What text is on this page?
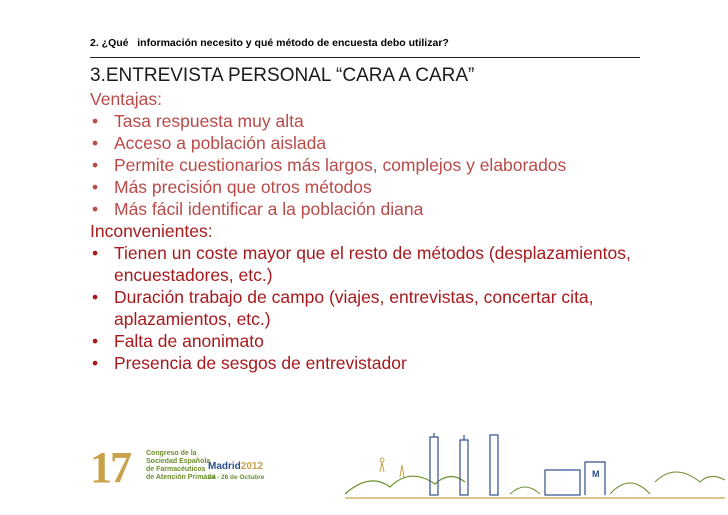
2. ¿Qué   información necesito y qué método de encuesta debo utilizar?

3.ENTREVISTA PERSONAL “CARA A CARA”

Ventajas:

• Tasa respuesta muy alta
• Acceso a población aislada
• Permite cuestionarios más largos, complejos y elaborados
• Más precisión que otros métodos
• Más fácil identificar a la población diana

Inconvenientes:

• Tienen un coste mayor que el resto de métodos (desplazamientos, encuestadores, etc.)
• Duración trabajo de campo (viajes, entrevistas, concertar cita, aplazamientos, etc.)
• Falta de anonimato
• Presencia de sesgos de entrevistador
17 Congreso de la
Sociedad Española
de Farmacéuticos
de Atención Primaria
Madrid2012
24 - 26 de Octubre	M
